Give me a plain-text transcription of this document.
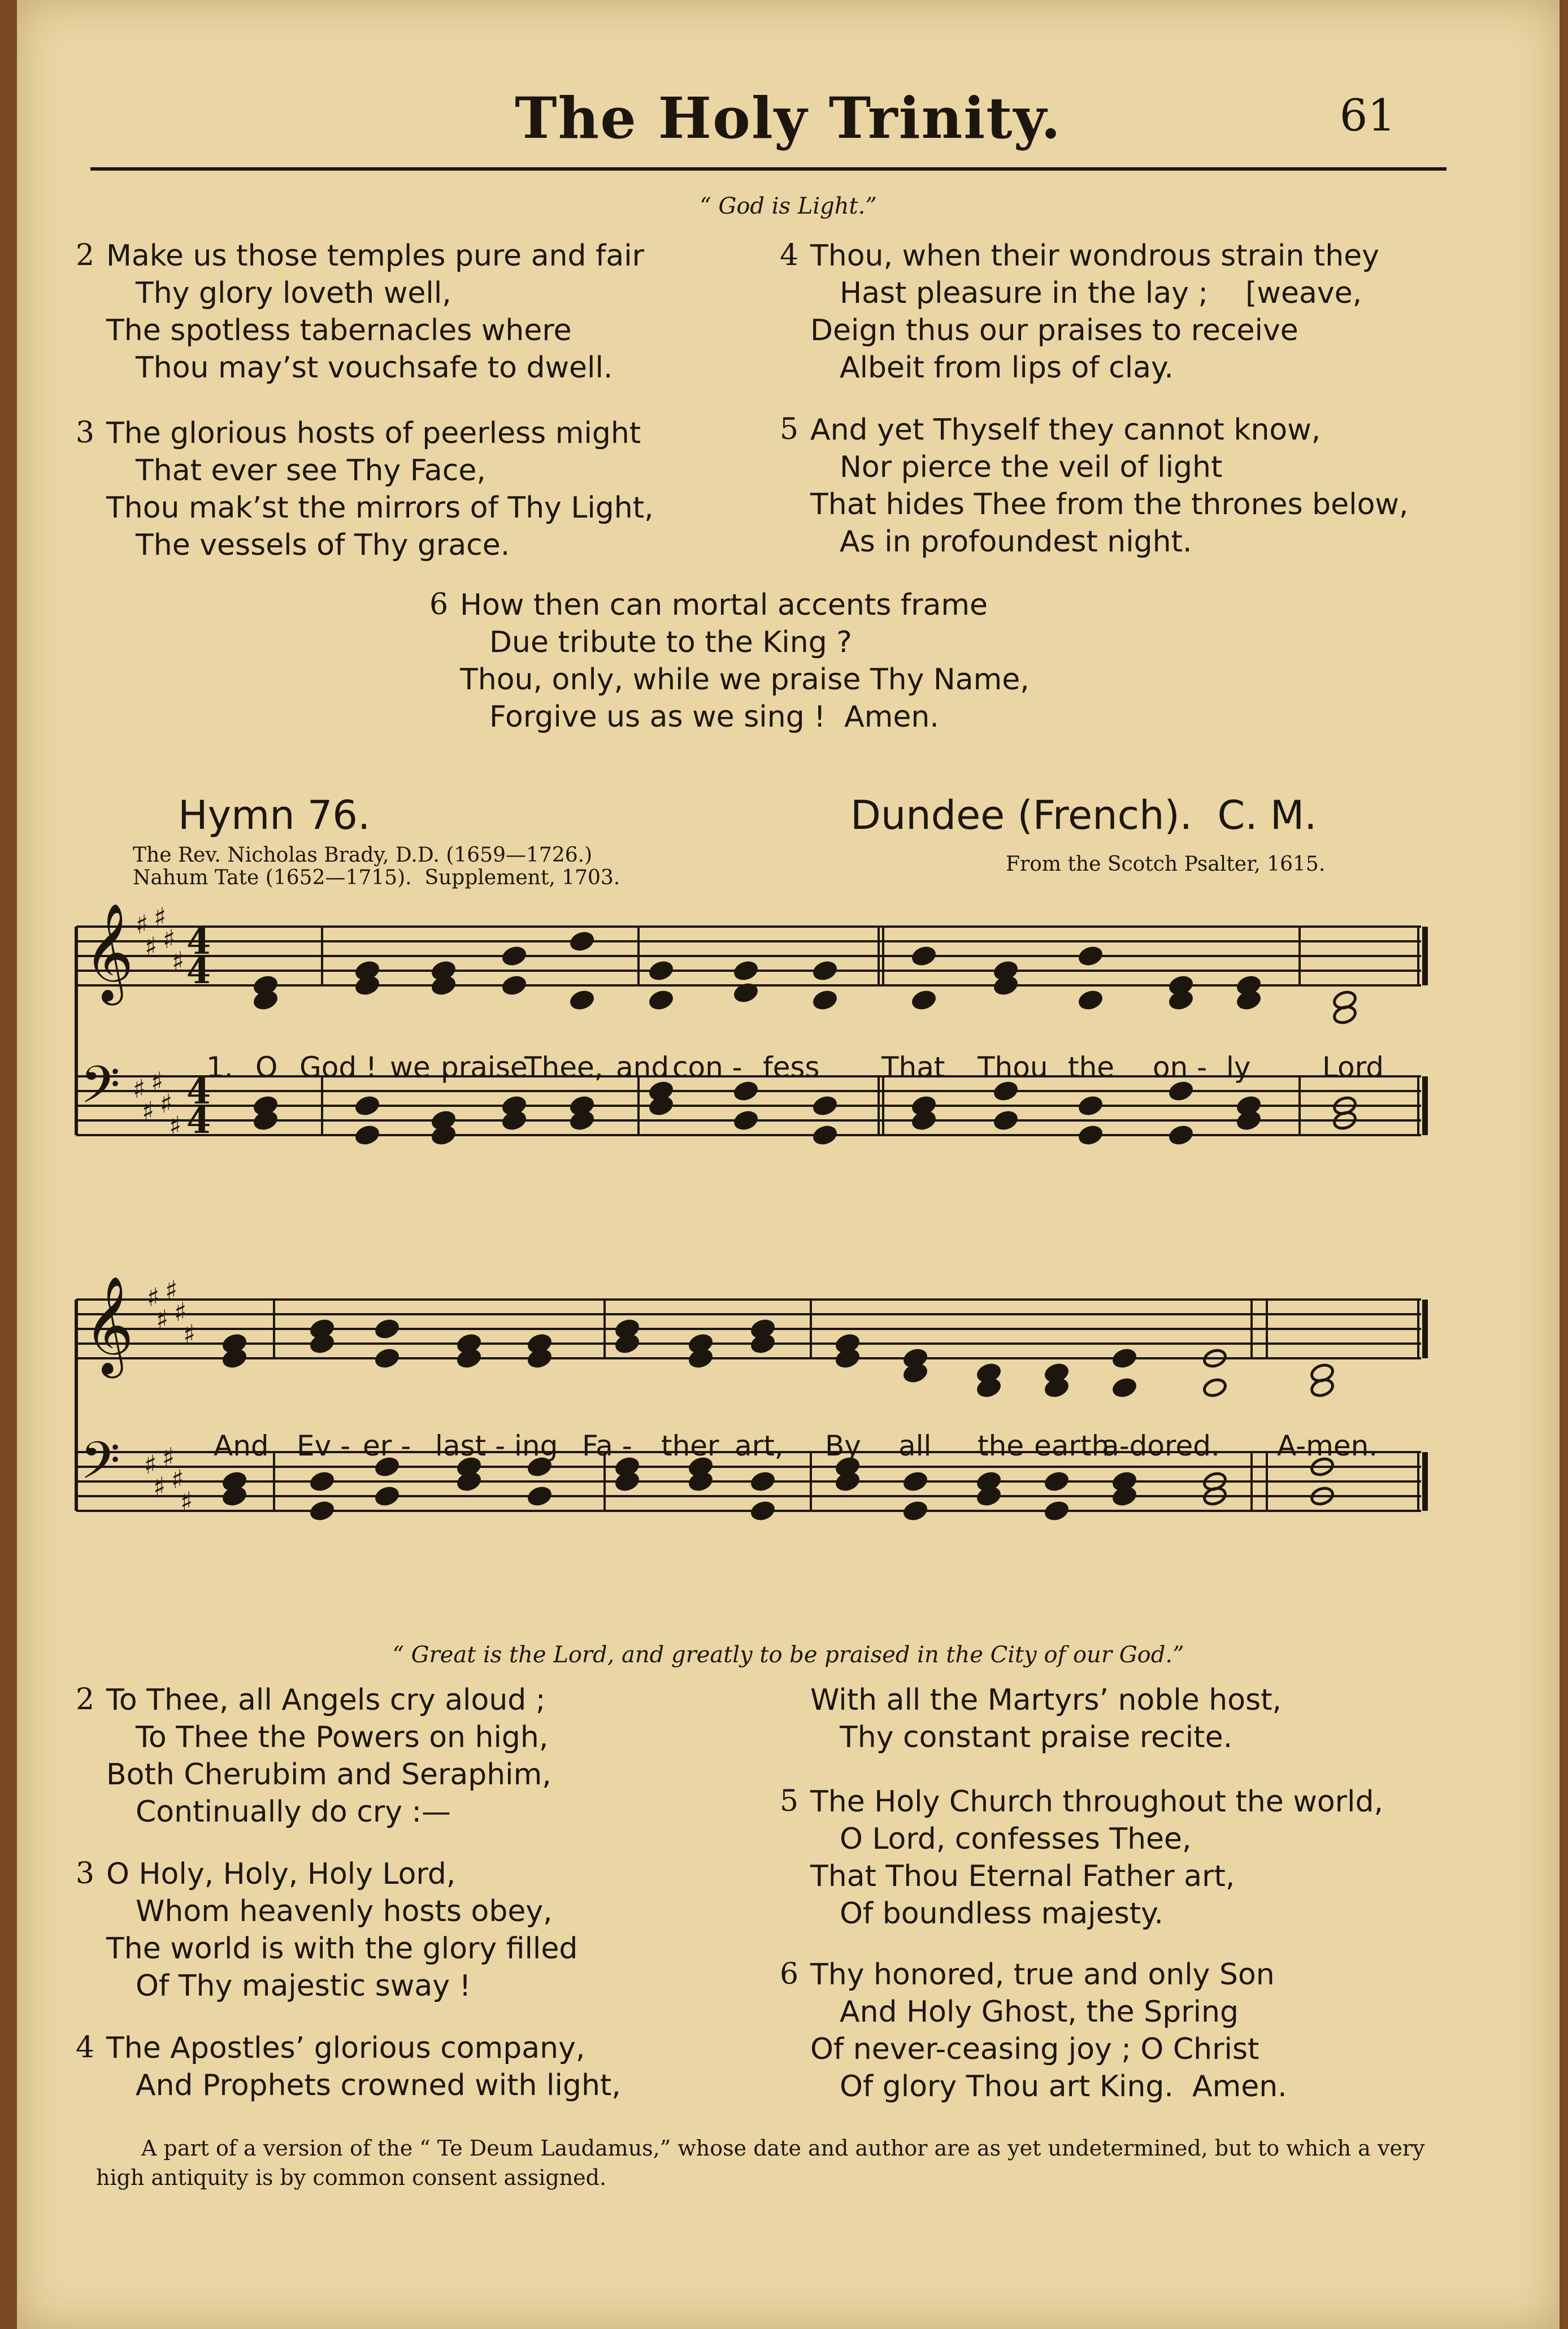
The Holy Trinity.	61
“ God is Light.”
2 Make us those temples pure and fair
Thy glory loveth well,
The spotless tabernacles where
Thou may’st vouchsafe to dwell.
3 The glorious hosts of peerless might
That ever see Thy Face,
Thou mak’st the mirrors of Thy Light,
The vessels of Thy grace.
4 Thou, when their wondrous strain they
Hast pleasure in the lay ;    [weave,
Deign thus our praises to receive
Albeit from lips of clay.
5 And yet Thyself they cannot know,
Nor pierce the veil of light
That hides Thee from the thrones below,
As in profoundest night.
6 How then can mortal accents frame
Due tribute to the King ?
Thou, only, while we praise Thy Name,
Forgive us as we sing !  Amen.
Hymn 76.	Dundee (French).  C. M.
The Rev. Nicholas Brady, D.D. (1659—1726.)
Nahum Tate (1652—1715).  Supplement, 1703.
From the Scotch Psalter, 1615.
𝄞
𝄢
♯
♯
♯
♯
♯
♯
♯
♯
♯
♯
4
4
4
4
𝄞
𝄢
♯
♯
♯
♯
♯
♯
♯
♯
♯
♯
1. O God ! we praise
Thee, and con - fess That Thou the on - ly	Lord
And Ev - er - last - ing Fa - ther art, By all the earth
a-dored. A-men.
“ Great is the Lord, and greatly to be praised in the City of our God.”
2 To Thee, all Angels cry aloud ;
To Thee the Powers on high,
Both Cherubim and Seraphim,
Continually do cry :—
3 O Holy, Holy, Holy Lord,
Whom heavenly hosts obey,
The world is with the glory filled
Of Thy majestic sway !
4 The Apostles’ glorious company,
And Prophets crowned with light,
With all the Martyrs’ noble host,
Thy constant praise recite.
5 The Holy Church throughout the world,
O Lord, confesses Thee,
That Thou Eternal Father art,
Of boundless majesty.
6 Thy honored, true and only Son
And Holy Ghost, the Spring
Of never-ceasing joy ; O Christ
Of glory Thou art King.  Amen.
A part of a version of the “ Te Deum Laudamus,” whose date and author are as yet undetermined, but to which a very high antiquity is by common consent assigned.
